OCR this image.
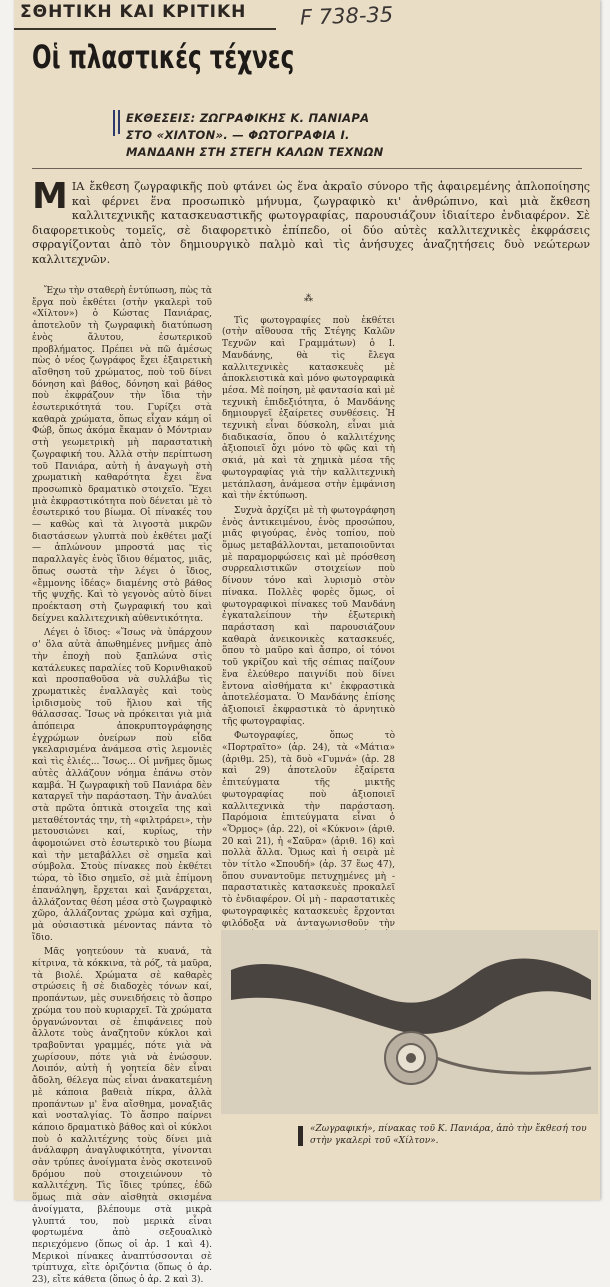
ΣΘΗΤΙΚΗ ΚΑΙ ΚΡΙΤΙΚΗ	F 738-35
Οἱ πλαστικές τέχνες
ΕΚΘΕΣΕΙΣ: ΖΩΓΡΑΦΙΚΗΣ Κ. ΠΑΝΙΑΡΑ ΣΤΟ «ΧΙΛΤΟΝ». — ΦΩΤΟΓΡΑΦΙΑ Ι. ΜΑΝΔΑΝΗ ΣΤΗ ΣΤΕΓΗ ΚΑΛΩΝ ΤΕΧΝΩΝ
ΜΙΑ ἔκθεση ζωγραφικῆς ποὺ φτάνει ὡς ἕνα ἀκραῖο σύνορο τῆς ἀφαιρεμένης ἀπλοποίησης καὶ φέρνει ἕνα προσωπικὸ μήνυμα, ζωγραφικὸ κι' ἀνθρώπινο, καὶ μιὰ ἔκθεση καλλιτεχνικῆς κατασκευαστικῆς φωτογραφίας, παρουσιάζουν ἰδιαίτερο ἐνδιαφέρον. Σὲ διαφορετικοὺς τομεῖς, σὲ διαφορετικὸ ἐπίπεδο, οἱ δύο αὐτὲς καλλιτεχνικὲς ἐκφράσεις σφραγίζονται ἀπὸ τὸν δημιουργικὸ παλμὸ καὶ τὶς ἀνήσυχες ἀναζητήσεις δυὸ νεώτερων καλλιτεχνῶν.

Ἔχω τὴν σταθερὴ ἐντύπωση, πὼς τὰ ἔργα ποὺ ἐκθέτει (στὴν γκαλερὶ τοῦ «Χίλτον») ὁ Κώστας Πανιάρας, ἀποτελοῦν τὴ ζωγραφικὴ διατύπωση ἑνὸς ἄλυτου, ἐσωτερικοῦ προβλήματος. Πρέπει νὰ πῶ ἀμέσως πὼς ὁ νέος ζωγράφος ἔχει ἐξαιρετικὴ αἴσθηση τοῦ χρώματος, ποὺ τοῦ δίνει δόνηση καὶ βάθος, δόνηση καὶ βάθος ποὺ ἐκφράζουν τὴν ἴδια τὴν ἐσωτερικότητά του. Γυρίζει στὰ καθαρὰ χρώματα, ὅπως εἶχαν κάμη οἱ Φώβ, ὅπως ἀκόμα ἔκαμαν ὁ Μόντριαν στὴ γεωμετρικὴ μὴ παραστατικὴ ζωγραφική του. Ἀλλὰ στὴν περίπτωση τοῦ Πανιάρα, αὐτὴ ἡ ἀναγωγὴ στὴ χρωματικὴ καθαρότητα ἔχει ἕνα προσωπικὸ δραματικὸ στοιχεῖο. Ἔχει μιὰ ἐκφραστικότητα ποὺ δένεται μὲ τὸ ἐσωτερικό του βίωμα. Οἱ πίνακές του — καθὼς καὶ τὰ λιγοστὰ μικρῶν διαστάσεων γλυπτὰ ποὺ ἐκθέτει μαζί — ἁπλώνουν μπροστά μας τὶς παραλλαγὲς ἑνὸς ἴδιου θέματος, μιᾶς, ὅπως σωστὰ τὴν λέγει ὁ ἴδιος, «ἔμμονης ἰδέας» διαμένης στὸ βάθος τῆς ψυχῆς. Καὶ τὸ γεγονὸς αὐτὸ δίνει προέκταση στὴ ζωγραφική του καὶ δείχνει καλλιτεχνικὴ αὐθεντικότητα.

Λέγει ὁ ἴδιος: «Ἴσως νὰ ὑπάρχουν σ' ὅλα αὐτὰ ἀπωθημένες μνῆμες ἀπὸ τὴν ἐποχὴ ποὺ ξαπλώνα στὶς κατάλευκες παραλίες τοῦ Κορινθιακοῦ καὶ προσπαθοῦσα νὰ συλλάβω τὶς χρωματικὲς ἐναλλαγὲς καὶ τοὺς ἰριδισμοὺς τοῦ ἥλιου καὶ τῆς θάλασσας. Ἴσως νὰ πρόκειται γιὰ μιὰ ἀπόπειρα ἀποκρυπτογράφησης ἐγχρώμων ὀνείρων ποὺ εἶδα γκελαρισμένα ἀνάμεσα στὶς λεμονιὲς καὶ τὶς ἐλιές... Ἴσως... Οἱ μνῆμες ὅμως αὐτὲς ἀλλάζουν νόημα ἐπάνω στὸν καμβά. Ἡ ζωγραφικὴ τοῦ Πανιάρα δὲν καταργεῖ τὴν παράσταση. Τὴν ἀναλύει στὰ πρῶτα ὀπτικὰ στοιχεῖα της καὶ μεταθέτοντάς την, τὴ «φιλτράρει», τὴν μετουσιώνει καί, κυρίως, τὴν ἀφομοιώνει στὸ ἐσωτερικὸ του βίωμα καὶ τὴν μεταβάλλει σὲ σημεῖα καὶ σύμβολα. Στοὺς πίνακες ποὺ ἐκθέτει τώρα, τὸ ἴδιο σημεῖο, σὲ μιὰ ἐπίμονη ἐπανάληψη, ἔρχεται καὶ ξανάρχεται, ἀλλάζοντας θέση μέσα στὸ ζωγραφικὸ χῶρο, ἀλλάζοντας χρώμα καὶ σχῆμα, μὰ οὐσιαστικὰ μένοντας πάντα τὸ ἴδιο.

Μᾶς γοητεύουν τὰ κυανά, τὰ κίτρινα, τὰ κόκκινα, τὰ ρόζ, τὰ μαῦρα, τὰ βιολέ. Χρώματα σὲ καθαρὲς στρώσεις ἢ σὲ διαδοχὲς τόνων καί, προπάντων, μὲς συνειδήσεις τὸ ἄσπρο χρώμα του ποὺ κυριαρχεῖ. Τὰ χρώματα ὀργανώνονται σὲ ἐπιφάνειες ποὺ ἄλλοτε τοὺς ἀναζητοῦν κύκλοι καὶ τραβοῦνται γραμμές, πότε γιὰ νὰ χωρίσουν, πότε γιὰ νὰ ἑνώσουν. Λοιπόν, αὐτὴ ἡ γοητεία δὲν εἶναι ἄδολη, θέλεγα πὼς εἶναι ἀνακατεμένη μὲ κάποια βαθειὰ πίκρα, ἀλλὰ προπάντων μ' ἕνα αἴσθημα, μοναξιᾶς καὶ νοσταλγίας. Τὸ ἄσπρο παίρνει κάποιο δραματικὸ βάθος καὶ οἱ κύκλοι ποὺ ὁ καλλιτέχνης τοὺς δίνει μιὰ ἀνάλαφρη ἀναγλυφικότητα, γίνονται σὰν τρύπες ἀνοίγματα ἑνὸς σκοτεινοῦ δρόμου ποὺ στοιχειώνουν τὸ καλλιτέχνη. Τὶς ἴδιες τρύπες, ἐδῶ ὅμως πιὰ σὰν αἰσθητὰ σκισμένα ἀνοίγματα, βλέπουμε στὰ μικρὰ γλυπτά του, ποὺ μερικὰ εἶναι φορτωμένα ἀπὸ σεξουαλικὸ περιεχόμενο (ὅπως οἱ ἀρ. 1 καὶ 4). Μερικοὶ πίνακες ἀναπτύσσονται σὲ τρίπτυχα, εἴτε ὁριζόντια (ὅπως ὁ ἀρ. 23), εἴτε κάθετα (ὅπως ὁ ἀρ. 2 καὶ 3).

⁂

Τὶς φωτογραφίες ποὺ ἐκθέτει (στὴν αἴθουσα τῆς Στέγης Καλῶν Τεχνῶν καὶ Γραμμάτων) ὁ Ι. Μανδάνης, θὰ τὶς ἔλεγα καλλιτεχνικὲς κατασκευὲς μὲ ἀποκλειστικὰ καὶ μόνο φωτογραφικὰ μέσα. Μὲ ποίηση, μὲ φαντασία καὶ μὲ τεχνικὴ ἐπιδεξιότητα, ὁ Μανδάνης δημιουργεῖ ἐξαίρετες συνθέσεις. Ἡ τεχνικὴ εἶναι δύσκολη, εἶναι μιὰ διαδικασία, ὅπου ὁ καλλιτέχνης ἀξιοποιεῖ ὄχι μόνο τὸ φῶς καὶ τὴ σκιά, μὰ καὶ τὰ χημικὰ μέσα τῆς φωτογραφίας γιὰ τὴν καλλιτεχνικὴ μετάπλαση, ἀνάμεσα στὴν ἐμφάνιση καὶ τὴν ἐκτύπωση.

Συχνὰ ἀρχίζει μὲ τὴ φωτογράφηση ἑνὸς ἀντικειμένου, ἑνὸς προσώπου, μιᾶς φιγούρας, ἑνὸς τοπίου, ποὺ ὅμως μεταβάλλονται, μεταποιοῦνται μὲ παραμορφώσεις καὶ μὲ πρόσθεση συρρεαλιστικῶν στοιχείων ποὺ δίνουν τόνο καὶ λυρισμὸ στὸν πίνακα. Πολλὲς φορὲς ὅμως, οἱ φωτογραφικοὶ πίνακες τοῦ Μανδάνη ἐγκαταλείπουν τὴν ἐξωτερικὴ παράσταση καὶ παρουσιάζουν καθαρὰ ἀνεικονικὲς κατασκευές, ὅπου τὸ μαῦρο καὶ ἄσπρο, οἱ τόνοι τοῦ γκρίζου καὶ τῆς σέπιας παίζουν ἕνα ἐλεύθερο παιγνίδι ποὺ δίνει ἔντονα αἰσθήματα κι' ἐκφραστικὰ ἀποτελέσματα. Ὁ Μανδάνης ἐπίσης ἀξιοποιεῖ ἐκφραστικὰ τὸ ἀρνητικὸ τῆς φωτογραφίας.

Φωτογραφίες, ὅπως τὸ «Πορτραῖτο» (ἀρ. 24), τὰ «Μάτια» (ἀριθμ. 25), τὰ δυὸ «Γυμνά» (ἀρ. 28 καὶ 29) ἀποτελοῦν ἐξαίρετα ἐπιτεύγματα τῆς μικτῆς φωτογραφίας ποὺ ἀξιοποιεῖ καλλιτεχνικὰ τὴν παράσταση. Παρόμοια ἐπιτεύγματα εἶναι ὁ «Ὅρμος» (ἀρ. 22), οἱ «Κύκνοι» (ἀριθ. 20 καὶ 21), ἡ «Σαῦρα» (ἀριθ. 16) καὶ πολλὰ ἄλλα. Ὅμως καὶ ἡ σειρὰ μὲ τὸν τίτλο «Σπουδή» (ἀρ. 37 ἕως 47), ὅπου συναντοῦμε πετυχημένες μὴ - παραστατικὲς κατασκευὲς προκαλεῖ τὸ ἐνδιαφέρον. Οἱ μὴ - παραστατικὲς φωτογραφικὲς κατασκευὲς ἔρχονται φιλόδοξα νὰ ἀνταγωνισθοῦν τὴν

«Ζωγραφική», πίνακας τοῦ Κ. Πανιάρα, ἀπὸ τὴν ἔκθεσή του στὴν γκαλερὶ τοῦ «Χίλτον».
